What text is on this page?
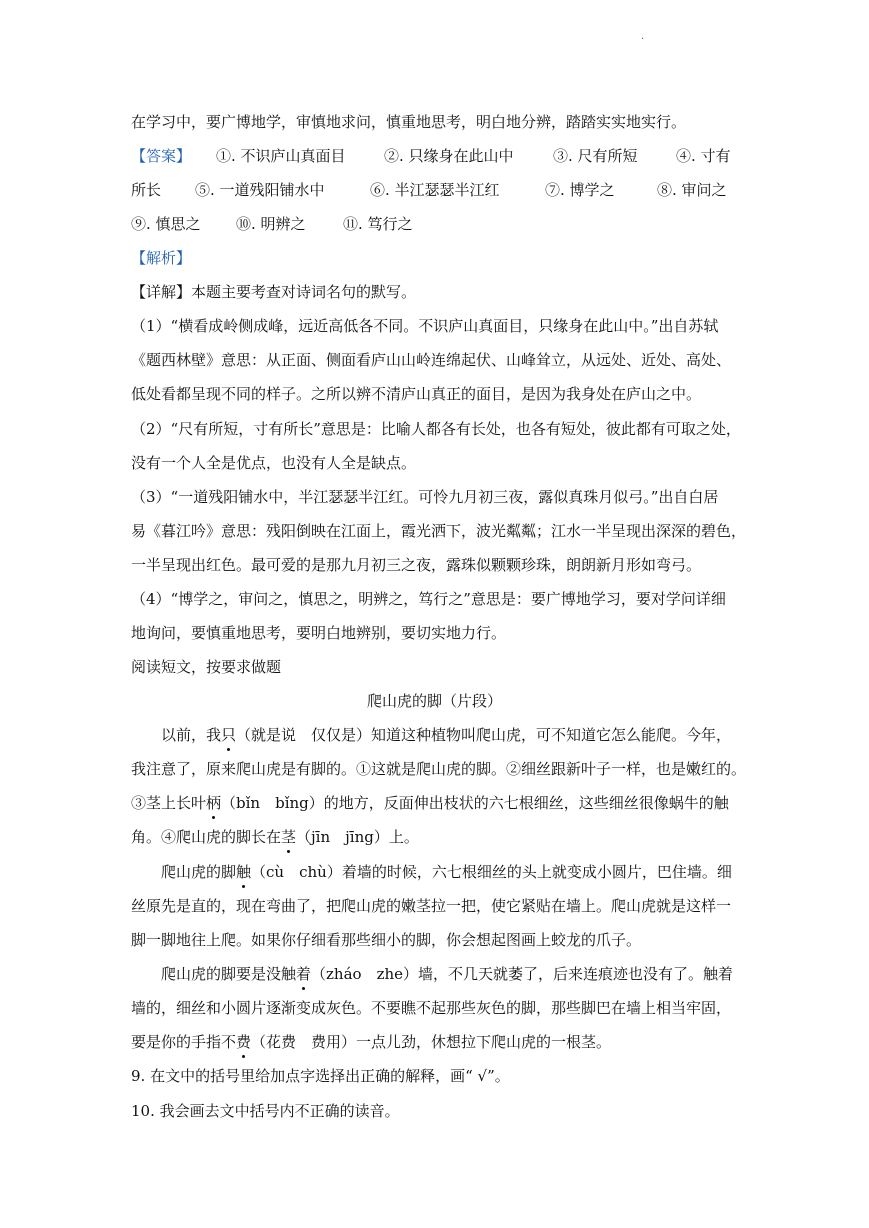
·
在学习中，要广博地学，审慎地求问，慎重地思考，明白地分辨，踏踏实实地实行。
【答案】 ①. 不识庐山真面目	②. 只缘身在此山中	③. 尺有所短	④. 寸有
所长 ⑤. 一道残阳铺水中	⑥. 半江瑟瑟半江红	⑦. 博学之	⑧. 审问之
⑨. 慎思之 ⑩. 明辨之 ⑪. 笃行之
【解析】
【详解】本题主要考查对诗词名句的默写。
（1）“横看成岭侧成峰，远近高低各不同。不识庐山真面目，只缘身在此山中。”出自苏轼
《题西林壁》意思：从正面、侧面看庐山山岭连绵起伏、山峰耸立，从远处、近处、高处、
低处看都呈现不同的样子。之所以辨不清庐山真正的面目，是因为我身处在庐山之中。
（2）“尺有所短，寸有所长”意思是：比喻人都各有长处，也各有短处，彼此都有可取之处，
没有一个人全是优点，也没有人全是缺点。
（3）“一道残阳铺水中，半江瑟瑟半江红。可怜九月初三夜，露似真珠月似弓。”出自白居
易《暮江吟》意思：残阳倒映在江面上，霞光洒下，波光粼粼；江水一半呈现出深深的碧色，
一半呈现出红色。最可爱的是那九月初三之夜，露珠似颗颗珍珠，朗朗新月形如弯弓。
（4）“博学之，审问之，慎思之，明辨之，笃行之”意思是：要广博地学习，要对学问详细
地询问，要慎重地思考，要明白地辨别，要切实地力行。
阅读短文，按要求做题
爬山虎的脚（片段）
以前，我只（就是说　仅仅是）知道这种植物叫爬山虎，可不知道它怎么能爬。今年，
我注意了，原来爬山虎是有脚的。①这就是爬山虎的脚。②细丝跟新叶子一样，也是嫩红的。
③茎上长叶柄（bǐn　bǐng）的地方，反面伸出枝状的六七根细丝，这些细丝很像蜗牛的触
角。④爬山虎的脚长在茎（jīn　jīng）上。
爬山虎的脚触（cù　chù）着墙的时候，六七根细丝的头上就变成小圆片，巴住墙。细
丝原先是直的，现在弯曲了，把爬山虎的嫩茎拉一把，使它紧贴在墙上。爬山虎就是这样一
脚一脚地往上爬。如果你仔细看那些细小的脚，你会想起图画上蛟龙的爪子。
爬山虎的脚要是没触着（zháo　zhe）墙，不几天就萎了，后来连痕迹也没有了。触着
墙的，细丝和小圆片逐渐变成灰色。不要瞧不起那些灰色的脚，那些脚巴在墙上相当牢固，
要是你的手指不费（花费　费用）一点儿劲，休想拉下爬山虎的一根茎。
9. 在文中的括号里给加点字选择出正确的解释，画“ √”。
10. 我会画去文中括号内不正确的读音。
